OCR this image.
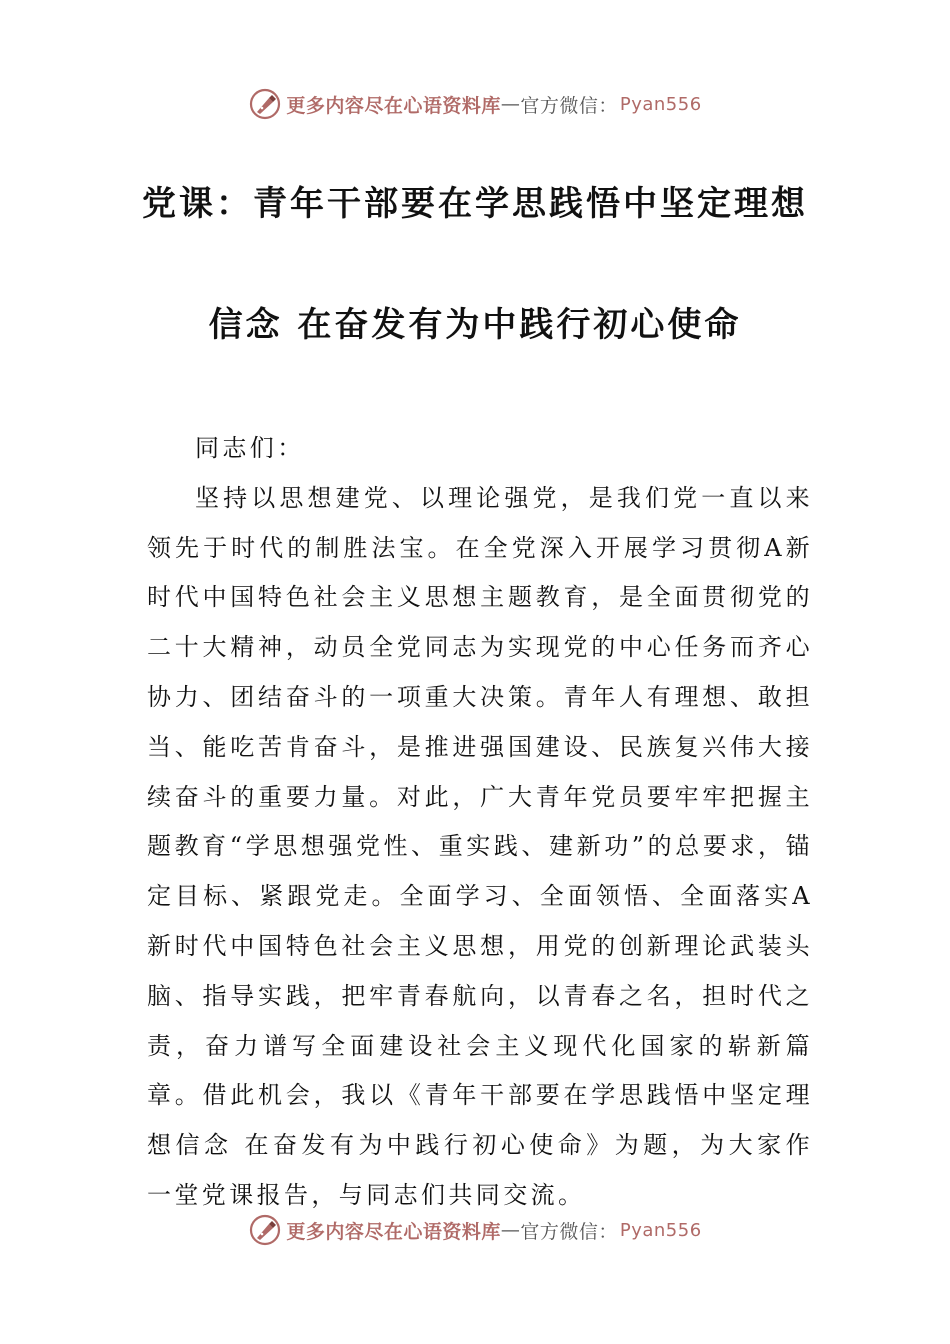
更多内容尽在心语资料库 — 官方微信： Pyan556
党课：青年干部要在学思践悟中坚定理想
信念 在奋发有为中践行初心使命

同志们：

坚持以思想建党、以理论强党，是我们党一直以来领先于时代的制胜法宝。在全党深入开展学习贯彻A新时代中国特色社会主义思想主题教育，是全面贯彻党的二十大精神，动员全党同志为实现党的中心任务而齐心协力、团结奋斗的一项重大决策。青年人有理想、敢担当、能吃苦肯奋斗，是推进强国建设、民族复兴伟大接续奋斗的重要力量。对此，广大青年党员要牢牢把握主题教育“学思想强党性、重实践、建新功”的总要求，锚定目标、紧跟党走。全面学习、全面领悟、全面落实A新时代中国特色社会主义思想，用党的创新理论武装头脑、指导实践，把牢青春航向，以青春之名，担时代之责，奋力谱写全面建设社会主义现代化国家的崭新篇章。借此机会，我以《青年干部要在学思践悟中坚定理想信念 在奋发有为中践行初心使命》为题，为大家作一堂党课报告，与同志们共同交流。

更多内容尽在心语资料库 — 官方微信： Pyan556
